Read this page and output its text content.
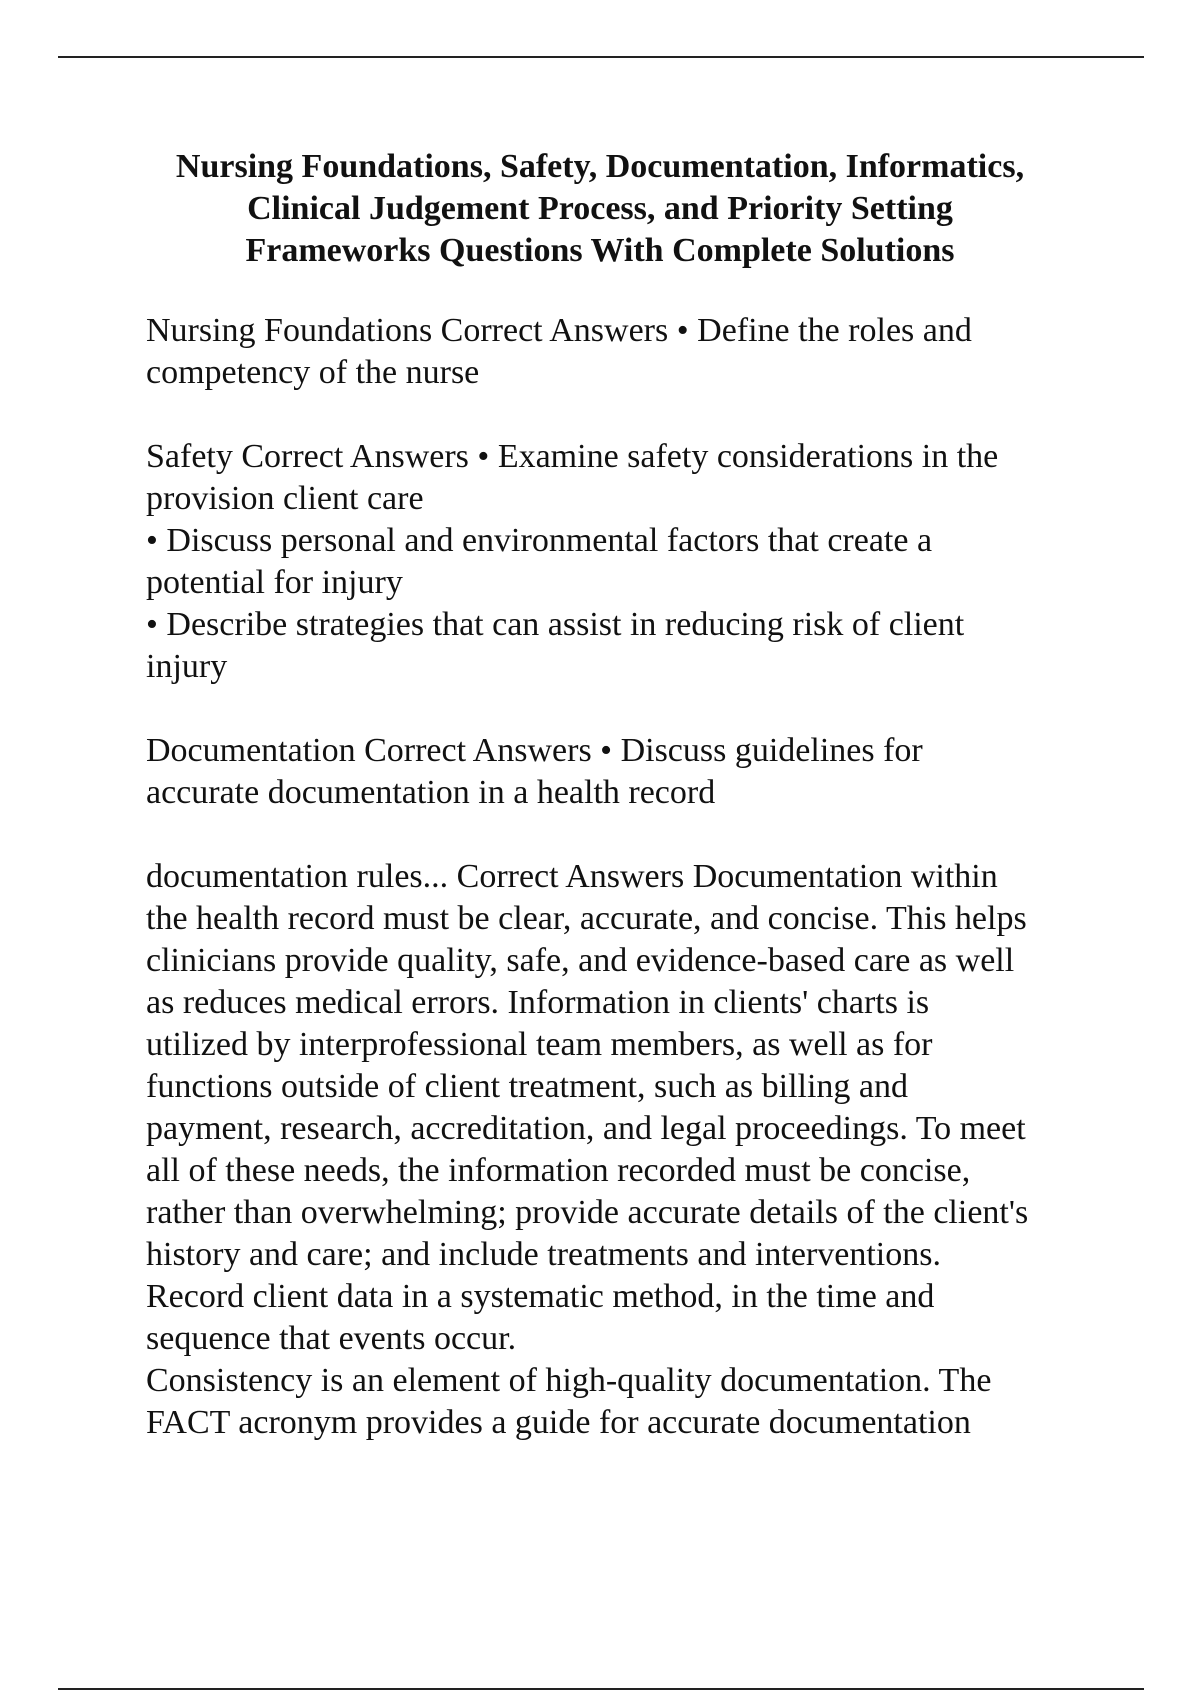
Nursing Foundations, Safety, Documentation, Informatics,
Clinical Judgement Process, and Priority Setting
Frameworks Questions With Complete Solutions

Nursing Foundations Correct Answers • Define the roles and
competency of the nurse

Safety Correct Answers • Examine safety considerations in the
provision client care
• Discuss personal and environmental factors that create a
potential for injury
• Describe strategies that can assist in reducing risk of client
injury

Documentation Correct Answers • Discuss guidelines for
accurate documentation in a health record

documentation rules... Correct Answers Documentation within
the health record must be clear, accurate, and concise. This helps
clinicians provide quality, safe, and evidence-based care as well
as reduces medical errors. Information in clients' charts is
utilized by interprofessional team members, as well as for
functions outside of client treatment, such as billing and
payment, research, accreditation, and legal proceedings. To meet
all of these needs, the information recorded must be concise,
rather than overwhelming; provide accurate details of the client's
history and care; and include treatments and interventions.
Record client data in a systematic method, in the time and
sequence that events occur.
Consistency is an element of high-quality documentation. The
FACT acronym provides a guide for accurate documentation
